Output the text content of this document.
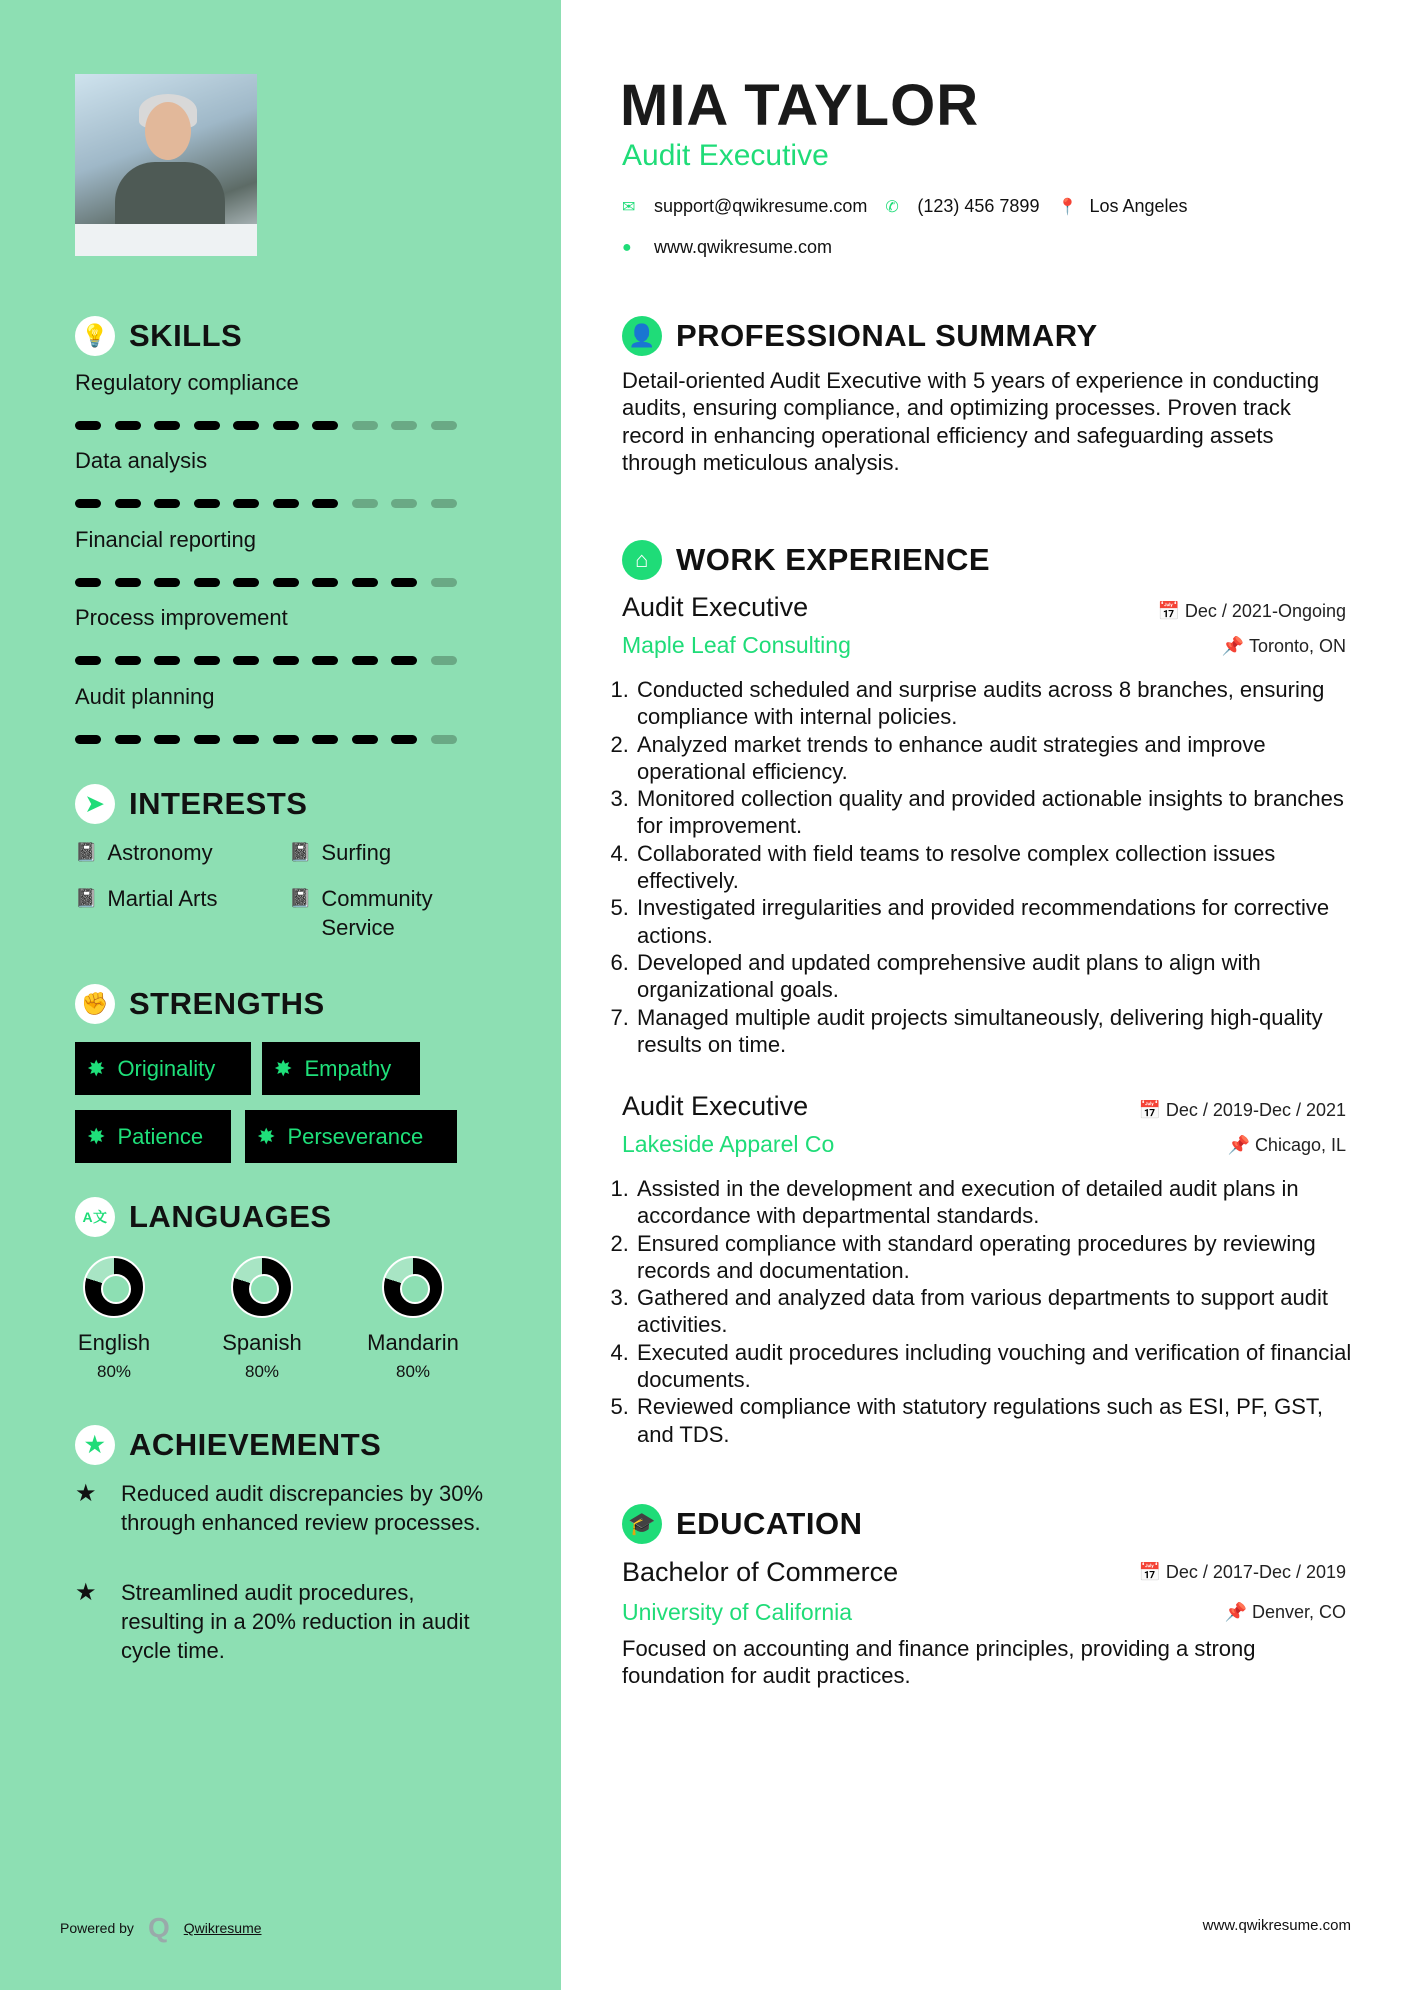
💡 SKILLS
Regulatory compliance
Data analysis
Financial reporting
Process improvement
Audit planning
➤ INTERESTS
📓 Astronomy	📓 Surfing
📓 Martial Arts	📓 Community Service
✊ STRENGTHS
✸ Originality	✸ Empathy
✸ Patience ✸ Perseverance
A文 LANGUAGES
English
80%
Spanish
80%
Mandarin
80%
★ ACHIEVEMENTS
★	Reduced audit discrepancies by 30% through enhanced review processes.
★	Streamlined audit procedures, resulting in a 20% reduction in audit cycle time.
Powered by Q Qwikresume
MIA TAYLOR
Audit Executive
✉	support@qwikresume.com ✆	(123) 456 7899 📍 Los Angeles
●	www.qwikresume.com
👤 PROFESSIONAL SUMMARY

Detail-oriented Audit Executive with 5 years of experience in conducting audits, ensuring compliance, and optimizing processes. Proven track record in enhancing operational efficiency and safeguarding assets through meticulous analysis.

⌂ WORK EXPERIENCE
Audit Executive	📅 Dec / 2021-Ongoing
Maple Leaf Consulting	📌 Toronto, ON
1. Conducted scheduled and surprise audits across 8 branches, ensuring compliance with internal policies.
2. Analyzed market trends to enhance audit strategies and improve operational efficiency.
3. Monitored collection quality and provided actionable insights to branches for improvement.
4. Collaborated with field teams to resolve complex collection issues effectively.
5. Investigated irregularities and provided recommendations for corrective actions.
6. Developed and updated comprehensive audit plans to align with organizational goals.
7. Managed multiple audit projects simultaneously, delivering high-quality results on time.
Audit Executive	📅 Dec / 2019-Dec / 2021
Lakeside Apparel Co	📌 Chicago, IL
1. Assisted in the development and execution of detailed audit plans in accordance with departmental standards.
2. Ensured compliance with standard operating procedures by reviewing records and documentation.
3. Gathered and analyzed data from various departments to support audit activities.
4. Executed audit procedures including vouching and verification of financial documents.
5. Reviewed compliance with statutory regulations such as ESI, PF, GST, and TDS.
🎓 EDUCATION
Bachelor of Commerce	📅 Dec / 2017-Dec / 2019
University of California	📌 Denver, CO

Focused on accounting and finance principles, providing a strong foundation for audit practices.

www.qwikresume.com
